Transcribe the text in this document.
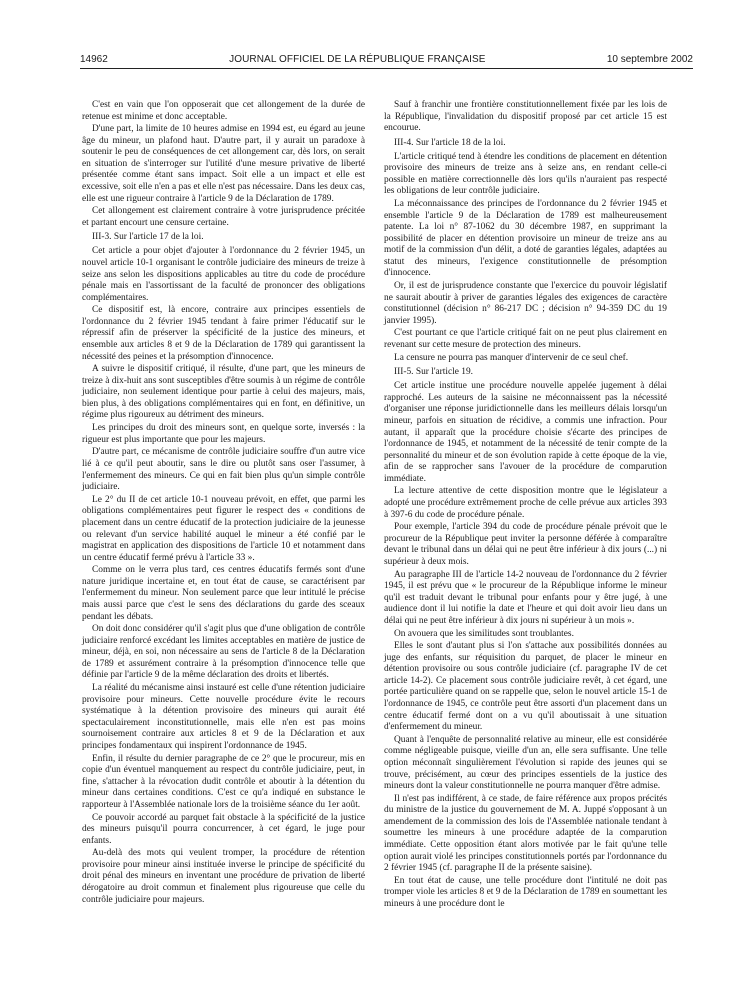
14962	JOURNAL OFFICIEL DE LA RÉPUBLIQUE FRANÇAISE	10 septembre 2002

C'est en vain que l'on opposerait que cet allongement de la durée de retenue est minime et donc acceptable.

D'une part, la limite de 10 heures admise en 1994 est, eu égard au jeune âge du mineur, un plafond haut. D'autre part, il y aurait un paradoxe à soutenir le peu de conséquences de cet allongement car, dès lors, on serait en situation de s'interroger sur l'utilité d'une mesure privative de liberté présentée comme étant sans impact. Soit elle a un impact et elle est excessive, soit elle n'en a pas et elle n'est pas nécessaire. Dans les deux cas, elle est une rigueur contraire à l'article 9 de la Déclaration de 1789.

Cet allongement est clairement contraire à votre jurisprudence précitée et partant encourt une censure certaine.

III-3. Sur l'article 17 de la loi.

Cet article a pour objet d'ajouter à l'ordonnance du 2 février 1945, un nouvel article 10-1 organisant le contrôle judiciaire des mineurs de treize à seize ans selon les dispositions applicables au titre du code de procédure pénale mais en l'assortissant de la faculté de prononcer des obligations complémentaires.

Ce dispositif est, là encore, contraire aux principes essentiels de l'ordonnance du 2 février 1945 tendant à faire primer l'éducatif sur le répressif afin de préserver la spécificité de la justice des mineurs, et ensemble aux articles 8 et 9 de la Déclaration de 1789 qui garantissent la nécessité des peines et la présomption d'innocence.

A suivre le dispositif critiqué, il résulte, d'une part, que les mineurs de treize à dix-huit ans sont susceptibles d'être soumis à un régime de contrôle judiciaire, non seulement identique pour partie à celui des majeurs, mais, bien plus, à des obligations complémentaires qui en font, en définitive, un régime plus rigoureux au détriment des mineurs.

Les principes du droit des mineurs sont, en quelque sorte, inversés : la rigueur est plus importante que pour les majeurs.

D'autre part, ce mécanisme de contrôle judiciaire souffre d'un autre vice lié à ce qu'il peut aboutir, sans le dire ou plutôt sans oser l'assumer, à l'enfermement des mineurs. Ce qui en fait bien plus qu'un simple contrôle judiciaire.

Le 2° du II de cet article 10-1 nouveau prévoit, en effet, que parmi les obligations complémentaires peut figurer le respect des « conditions de placement dans un centre éducatif de la protection judiciaire de la jeunesse ou relevant d'un service habilité auquel le mineur a été confié par le magistrat en application des dispositions de l'article 10 et notamment dans un centre éducatif fermé prévu à l'article 33 ».

Comme on le verra plus tard, ces centres éducatifs fermés sont d'une nature juridique incertaine et, en tout état de cause, se caractérisent par l'enfermement du mineur. Non seulement parce que leur intitulé le précise mais aussi parce que c'est le sens des déclarations du garde des sceaux pendant les débats.

On doit donc considérer qu'il s'agit plus que d'une obligation de contrôle judiciaire renforcé excédant les limites acceptables en matière de justice de mineur, déjà, en soi, non nécessaire au sens de l'article 8 de la Déclaration de 1789 et assurément contraire à la présomption d'innocence telle que définie par l'article 9 de la même déclaration des droits et libertés.

La réalité du mécanisme ainsi instauré est celle d'une rétention judiciaire provisoire pour mineurs. Cette nouvelle procédure évite le recours systématique à la détention provisoire des mineurs qui aurait été spectaculairement inconstitutionnelle, mais elle n'en est pas moins sournoisement contraire aux articles 8 et 9 de la Déclaration et aux principes fondamentaux qui inspirent l'ordonnance de 1945.

Enfin, il résulte du dernier paragraphe de ce 2° que le procureur, mis en copie d'un éventuel manquement au respect du contrôle judiciaire, peut, in fine, s'attacher à la révocation dudit contrôle et aboutir à la détention du mineur dans certaines conditions. C'est ce qu'a indiqué en substance le rapporteur à l'Assemblée nationale lors de la troisième séance du 1er août.

Ce pouvoir accordé au parquet fait obstacle à la spécificité de la justice des mineurs puisqu'il pourra concurrencer, à cet égard, le juge pour enfants.

Au-delà des mots qui veulent tromper, la procédure de rétention provisoire pour mineur ainsi instituée inverse le principe de spécificité du droit pénal des mineurs en inventant une procédure de privation de liberté dérogatoire au droit commun et finalement plus rigoureuse que celle du contrôle judiciaire pour majeurs.

Sauf à franchir une frontière constitutionnellement fixée par les lois de la République, l'invalidation du dispositif proposé par cet article 15 est encourue.

III-4. Sur l'article 18 de la loi.

L'article critiqué tend à étendre les conditions de placement en détention provisoire des mineurs de treize ans à seize ans, en rendant celle-ci possible en matière correctionnelle dès lors qu'ils n'auraient pas respecté les obligations de leur contrôle judiciaire.

La méconnaissance des principes de l'ordonnance du 2 février 1945 et ensemble l'article 9 de la Déclaration de 1789 est malheureusement patente. La loi n° 87-1062 du 30 décembre 1987, en supprimant la possibilité de placer en détention provisoire un mineur de treize ans au motif de la commission d'un délit, a doté de garanties légales, adaptées au statut des mineurs, l'exigence constitutionnelle de présomption d'innocence.

Or, il est de jurisprudence constante que l'exercice du pouvoir législatif ne saurait aboutir à priver de garanties légales des exigences de caractère constitutionnel (décision n° 86-217 DC ; décision n° 94-359 DC du 19 janvier 1995).

C'est pourtant ce que l'article critiqué fait on ne peut plus clairement en revenant sur cette mesure de protection des mineurs.

La censure ne pourra pas manquer d'intervenir de ce seul chef.

III-5. Sur l'article 19.

Cet article institue une procédure nouvelle appelée jugement à délai rapproché. Les auteurs de la saisine ne méconnaissent pas la nécessité d'organiser une réponse juridictionnelle dans les meilleurs délais lorsqu'un mineur, parfois en situation de récidive, a commis une infraction. Pour autant, il apparaît que la procédure choisie s'écarte des principes de l'ordonnance de 1945, et notamment de la nécessité de tenir compte de la personnalité du mineur et de son évolution rapide à cette époque de la vie, afin de se rapprocher sans l'avouer de la procédure de comparution immédiate.

La lecture attentive de cette disposition montre que le législateur a adopté une procédure extrêmement proche de celle prévue aux articles 393 à 397-6 du code de procédure pénale.

Pour exemple, l'article 394 du code de procédure pénale prévoit que le procureur de la République peut inviter la personne déférée à comparaître devant le tribunal dans un délai qui ne peut être inférieur à dix jours (...) ni supérieur à deux mois.

Au paragraphe III de l'article 14-2 nouveau de l'ordonnance du 2 février 1945, il est prévu que « le procureur de la République informe le mineur qu'il est traduit devant le tribunal pour enfants pour y être jugé, à une audience dont il lui notifie la date et l'heure et qui doit avoir lieu dans un délai qui ne peut être inférieur à dix jours ni supérieur à un mois ».

On avouera que les similitudes sont troublantes.

Elles le sont d'autant plus si l'on s'attache aux possibilités données au juge des enfants, sur réquisition du parquet, de placer le mineur en détention provisoire ou sous contrôle judiciaire (cf. paragraphe IV de cet article 14-2). Ce placement sous contrôle judiciaire revêt, à cet égard, une portée particulière quand on se rappelle que, selon le nouvel article 15-1 de l'ordonnance de 1945, ce contrôle peut être assorti d'un placement dans un centre éducatif fermé dont on a vu qu'il aboutissait à une situation d'enfermement du mineur.

Quant à l'enquête de personnalité relative au mineur, elle est considérée comme négligeable puisque, vieille d'un an, elle sera suffisante. Une telle option méconnaît singulièrement l'évolution si rapide des jeunes qui se trouve, précisément, au cœur des principes essentiels de la justice des mineurs dont la valeur constitutionnelle ne pourra manquer d'être admise.

Il n'est pas indifférent, à ce stade, de faire référence aux propos précités du ministre de la justice du gouvernement de M. A. Juppé s'opposant à un amendement de la commission des lois de l'Assemblée nationale tendant à soumettre les mineurs à une procédure adaptée de la comparution immédiate. Cette opposition étant alors motivée par le fait qu'une telle option aurait violé les principes constitutionnels portés par l'ordonnance du 2 février 1945 (cf. paragraphe II de la présente saisine).

En tout état de cause, une telle procédure dont l'intitulé ne doit pas tromper viole les articles 8 et 9 de la Déclaration de 1789 en soumettant les mineurs à une procédure dont le
